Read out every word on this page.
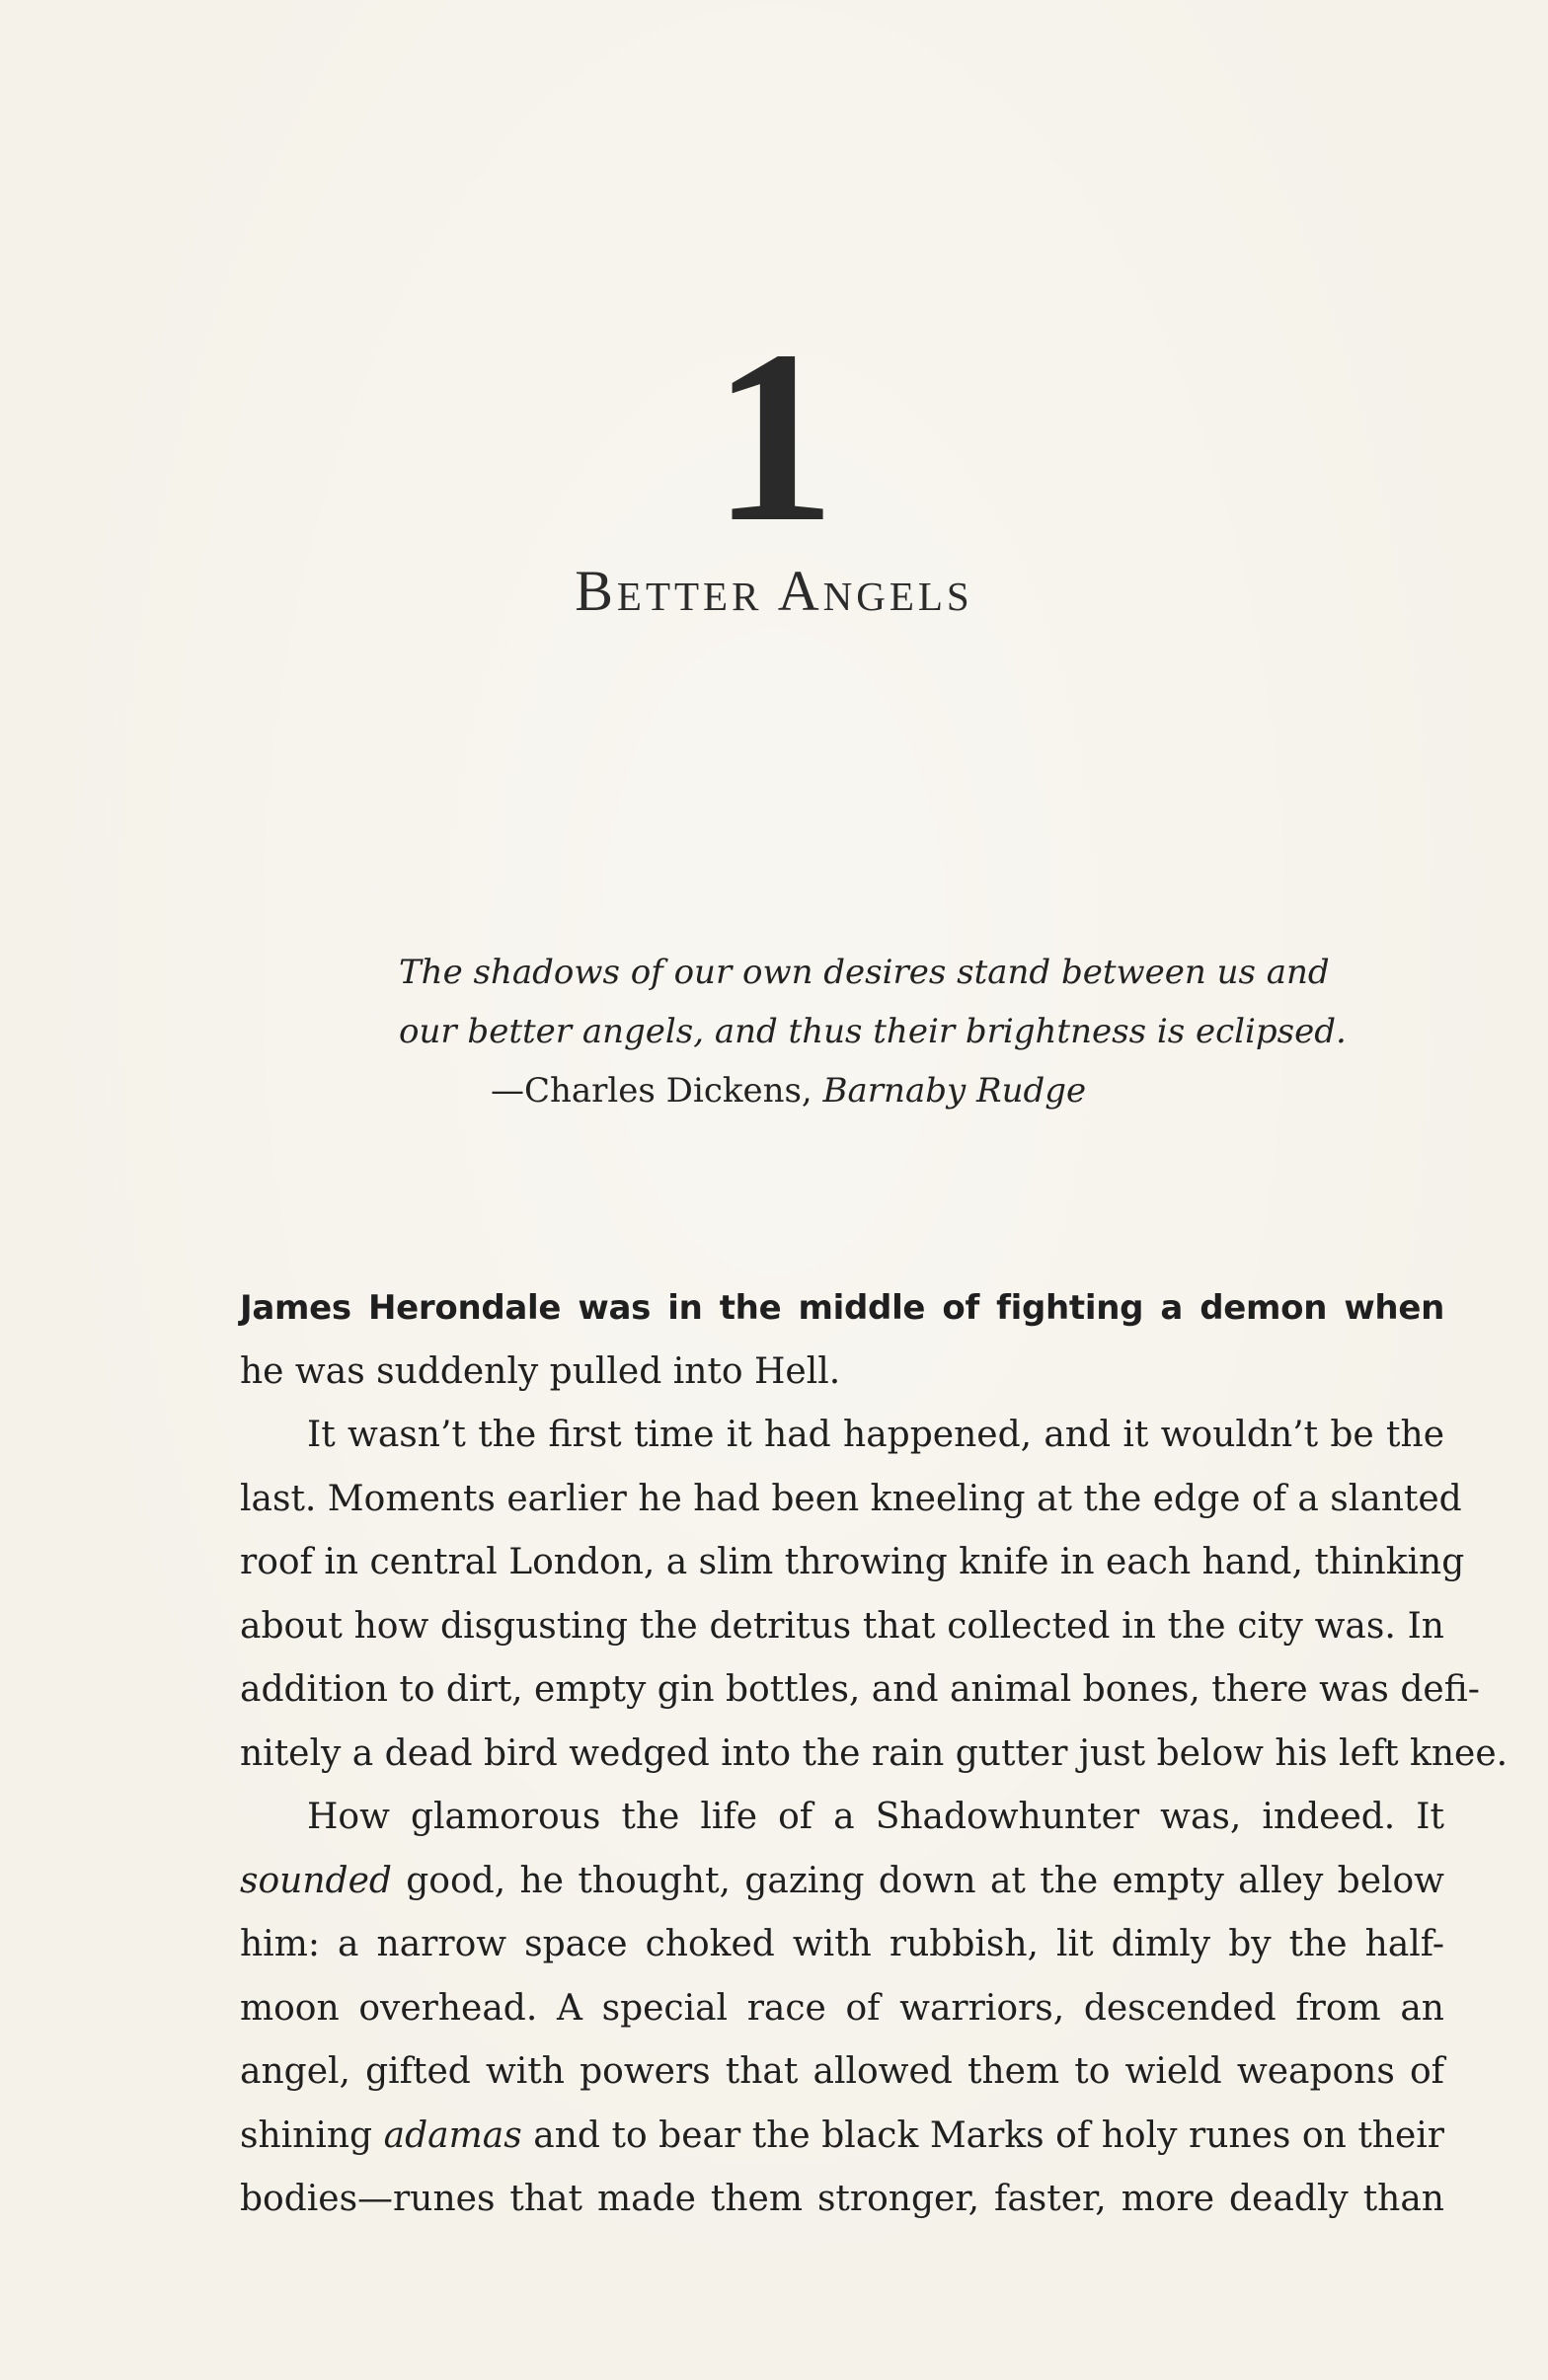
1
Better Angels
The shadows of our own desires stand between us and
our better angels, and thus their brightness is eclipsed.
—Charles Dickens, Barnaby Rudge
James Herondale was in the middle of fighting a demon when
he was suddenly pulled into Hell.
It wasn’t the first time it had happened, and it wouldn’t be the
last. Moments earlier he had been kneeling at the edge of a slanted
roof in central London, a slim throwing knife in each hand, thinking
about how disgusting the detritus that collected in the city was. In
addition to dirt, empty gin bottles, and animal bones, there was defi-
nitely a dead bird wedged into the rain gutter just below his left knee.
How glamorous the life of a Shadowhunter was, indeed. It
sounded good, he thought, gazing down at the empty alley below
him: a narrow space choked with rubbish, lit dimly by the half-
moon overhead. A special race of warriors, descended from an
angel, gifted with powers that allowed them to wield weapons of
shining adamas and to bear the black Marks of holy runes on their
bodies—runes that made them stronger, faster, more deadly than
